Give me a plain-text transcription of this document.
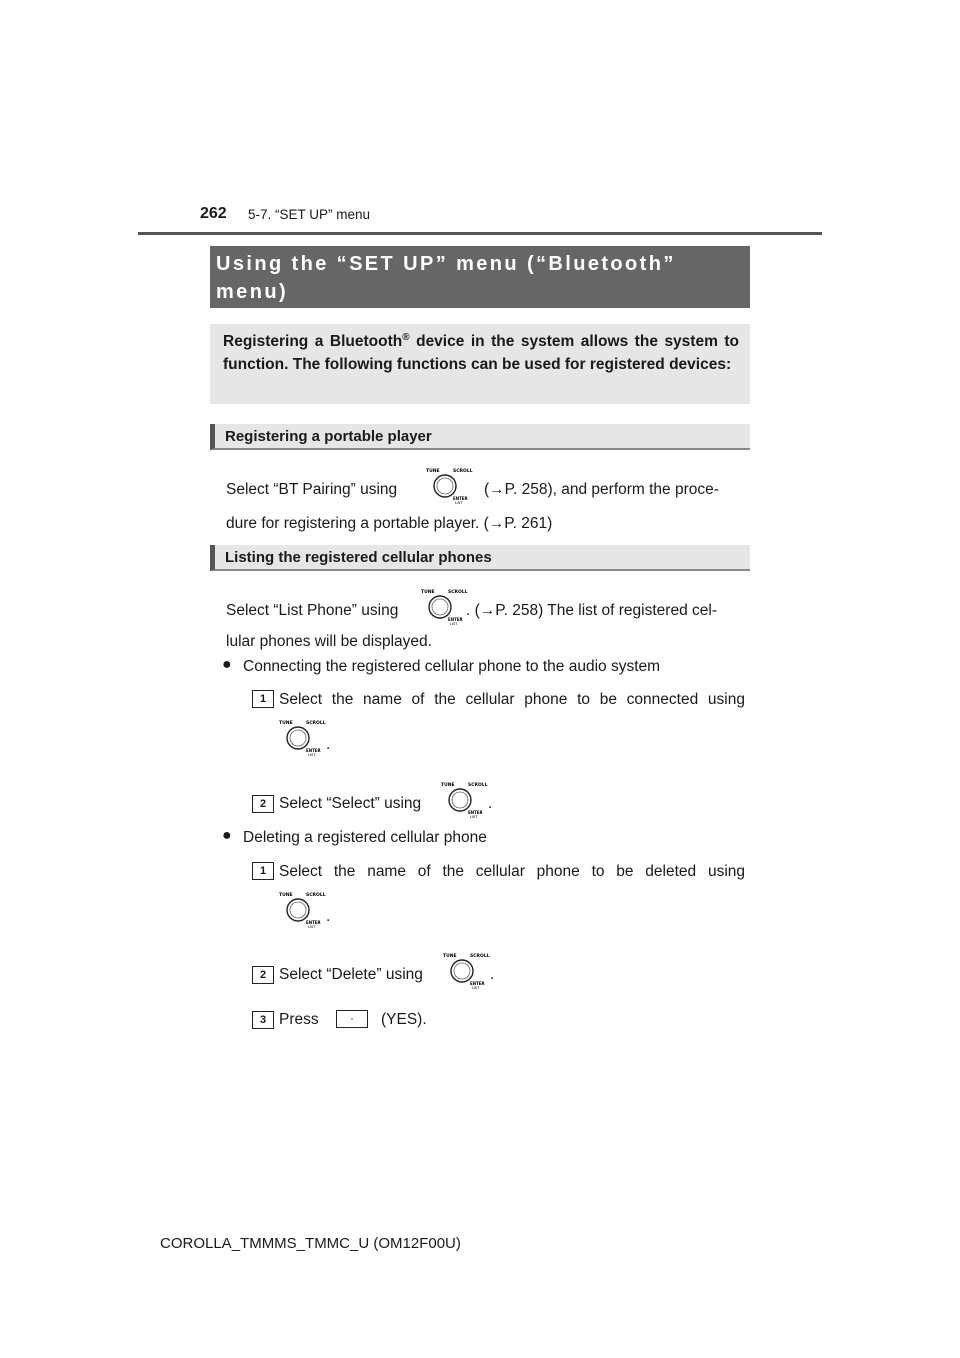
262 5-7. “SET UP” menu
Using the “SET UP” menu (“Bluetooth”
menu)
Registering a Bluetooth® device in the system allows the system to function. The following functions can be used for registered devices:
Registering a portable player
Select “BT Pairing” using
TUNE	SCROLL
ENTER
LIST
(→P. 258), and perform the proce-
dure for registering a portable player. (→P. 261)
Listing the registered cellular phones
Select “List Phone” using
TUNE	SCROLL
ENTER
LIST
. (→P. 258) The list of registered cel-
lular phones will be displayed.
● Connecting the registered cellular phone to the audio system
1 Select the name of the cellular phone to be connected using
TUNE	SCROLL
ENTER
LIST
.
2 Select “Select” using
TUNE	SCROLL
ENTER
LIST
.
● Deleting a registered cellular phone
1 Select the name of the cellular phone to be deleted using
TUNE	SCROLL
ENTER
LIST
.
2 Select “Delete” using
TUNE	SCROLL
ENTER
LIST
.
3 Press	·	(YES).
COROLLA_TMMMS_TMMC_U (OM12F00U)
